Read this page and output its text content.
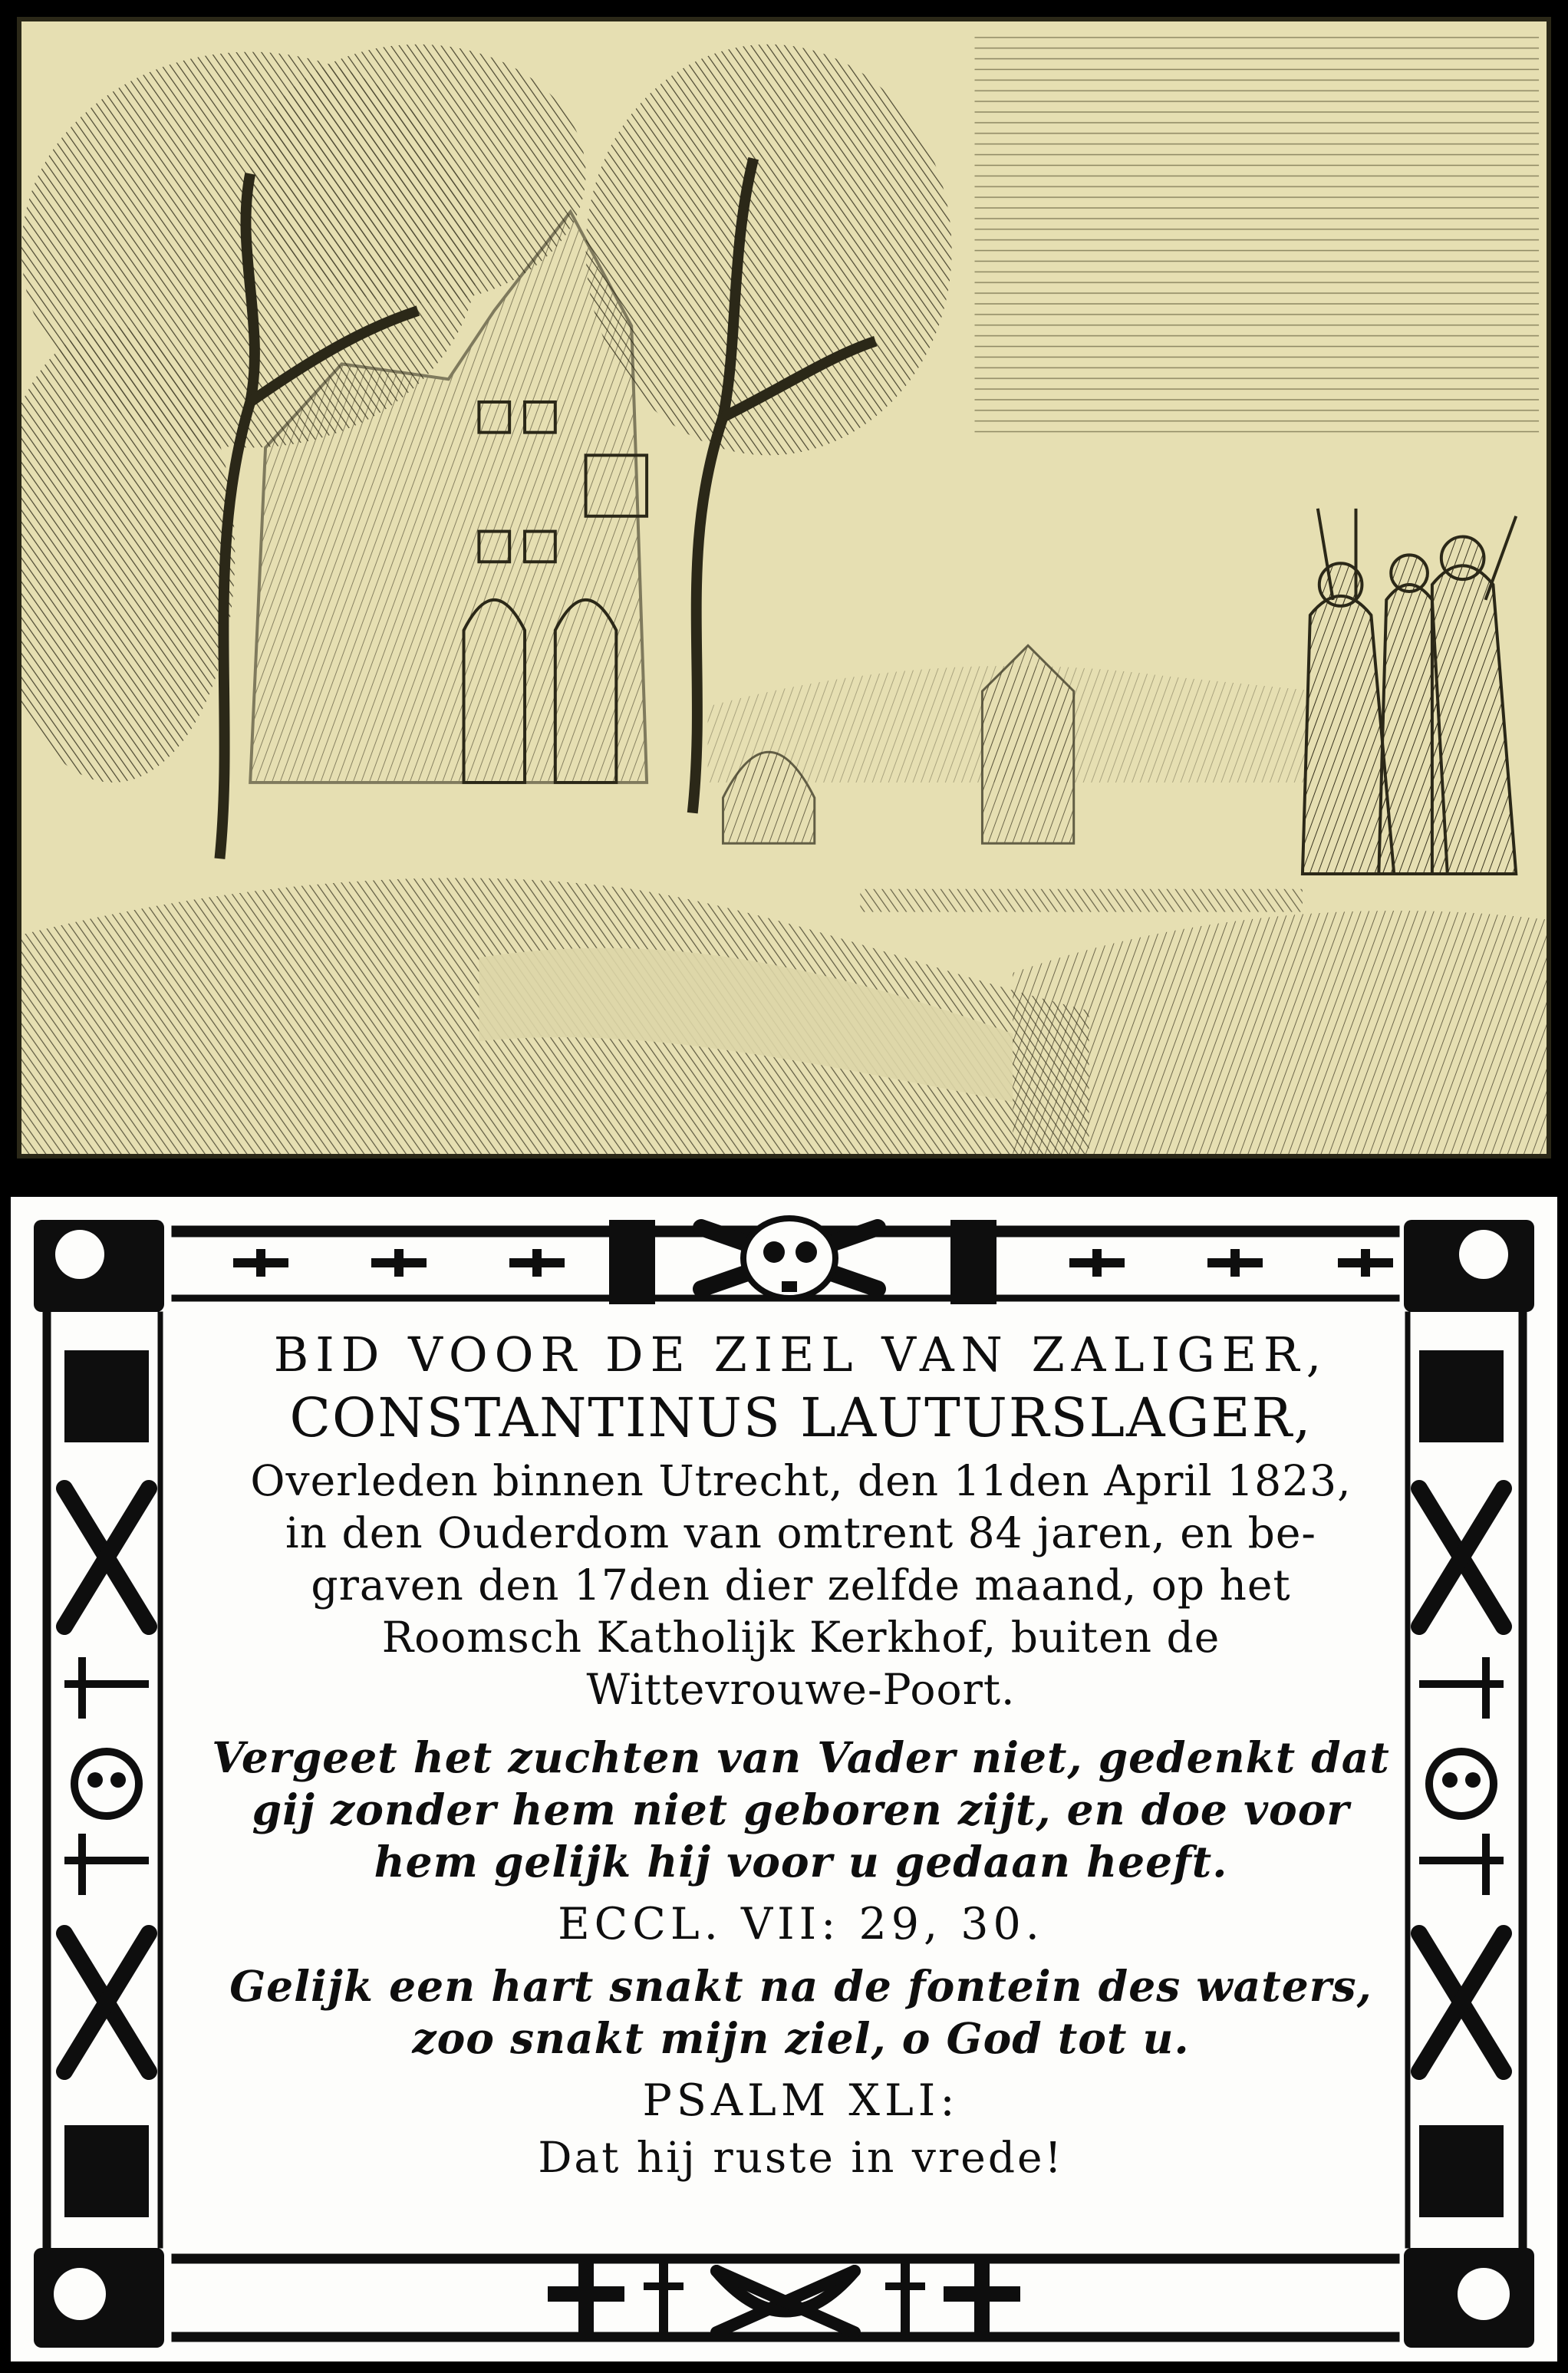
BID VOOR DE ZIEL VAN ZALIGER,
CONSTANTINUS LAUTURSLAGER,
Overleden binnen Utrecht, den 11den April 1823,
in den Ouderdom van omtrent 84 jaren, en be-
graven den 17den dier zelfde maand, op het
Roomsch Katholijk Kerkhof, buiten de
Wittevrouwe-Poort.
Vergeet het zuchten van Vader niet, gedenkt dat
gij zonder hem niet geboren zijt, en doe voor
hem gelijk hij voor u gedaan heeft.
ECCL. VII: 29, 30.
Gelijk een hart snakt na de fontein des waters,
zoo snakt mijn ziel, o God tot u.
PSALM XLI:
Dat hij ruste in vrede!
